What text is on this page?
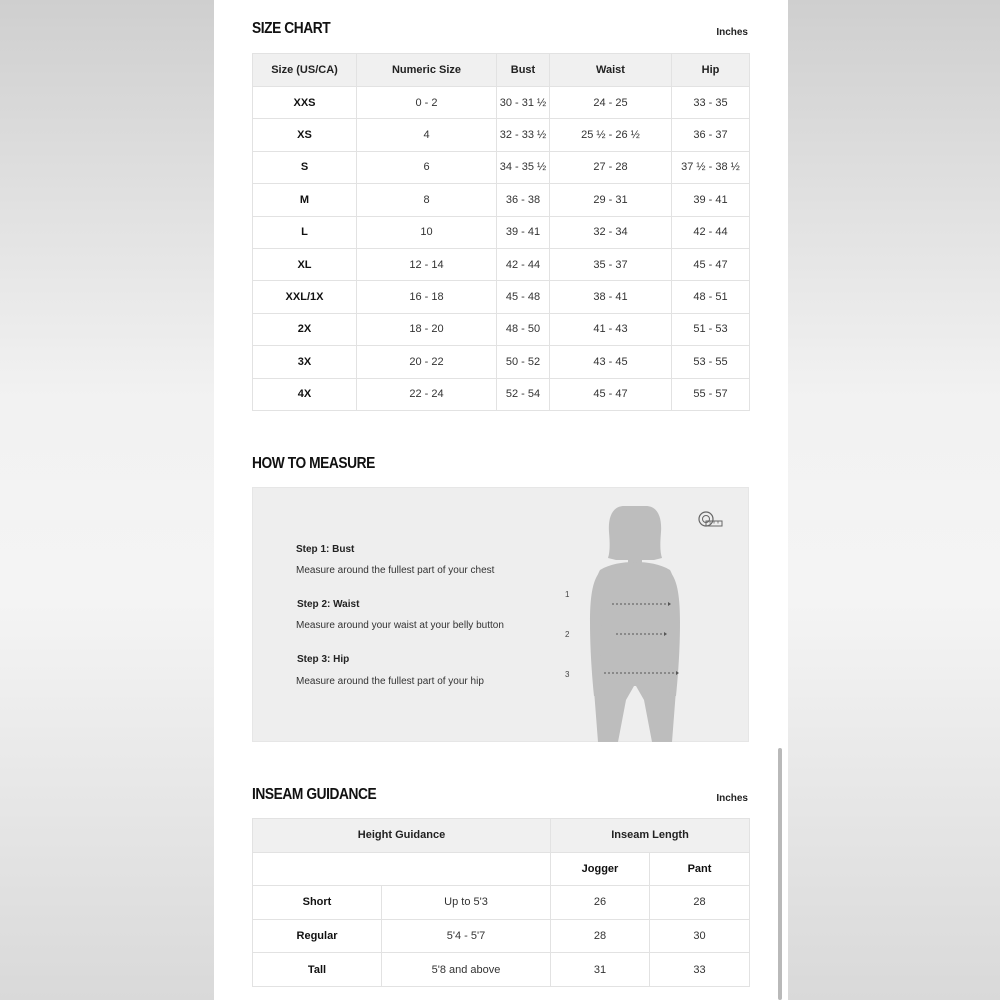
SIZE CHART	Inches
Size (US/CA)	Numeric Size	Bust	Waist	Hip
XXS	0 - 2	30 - 31 ½	24 - 25	33 - 35
XS	4	32 - 33 ½	25 ½ - 26 ½	36 - 37
S	6	34 - 35 ½	27 - 28	37 ½ - 38 ½
M	8	36 - 38	29 - 31	39 - 41
L	10	39 - 41	32 - 34	42 - 44
XL	12 - 14	42 - 44	35 - 37	45 - 47
XXL/1X	16 - 18	45 - 48	38 - 41	48 - 51
2X	18 - 20	48 - 50	41 - 43	51 - 53
3X	20 - 22	50 - 52	43 - 45	53 - 55
4X	22 - 24	52 - 54	45 - 47	55 - 57
HOW TO MEASURE
Step 1: Bust
Measure around the fullest part of your chest
Step 2: Waist
Measure around your waist at your belly button
Step 3: Hip
Measure around the fullest part of your hip
1
2
3
INSEAM GUIDANCE	Inches
Height Guidance		Inseam Length	
		Jogger	Pant
Short	Up to 5'3	26	28
Regular	5'4 - 5'7	28	30
Tall	5'8 and above	31	33
